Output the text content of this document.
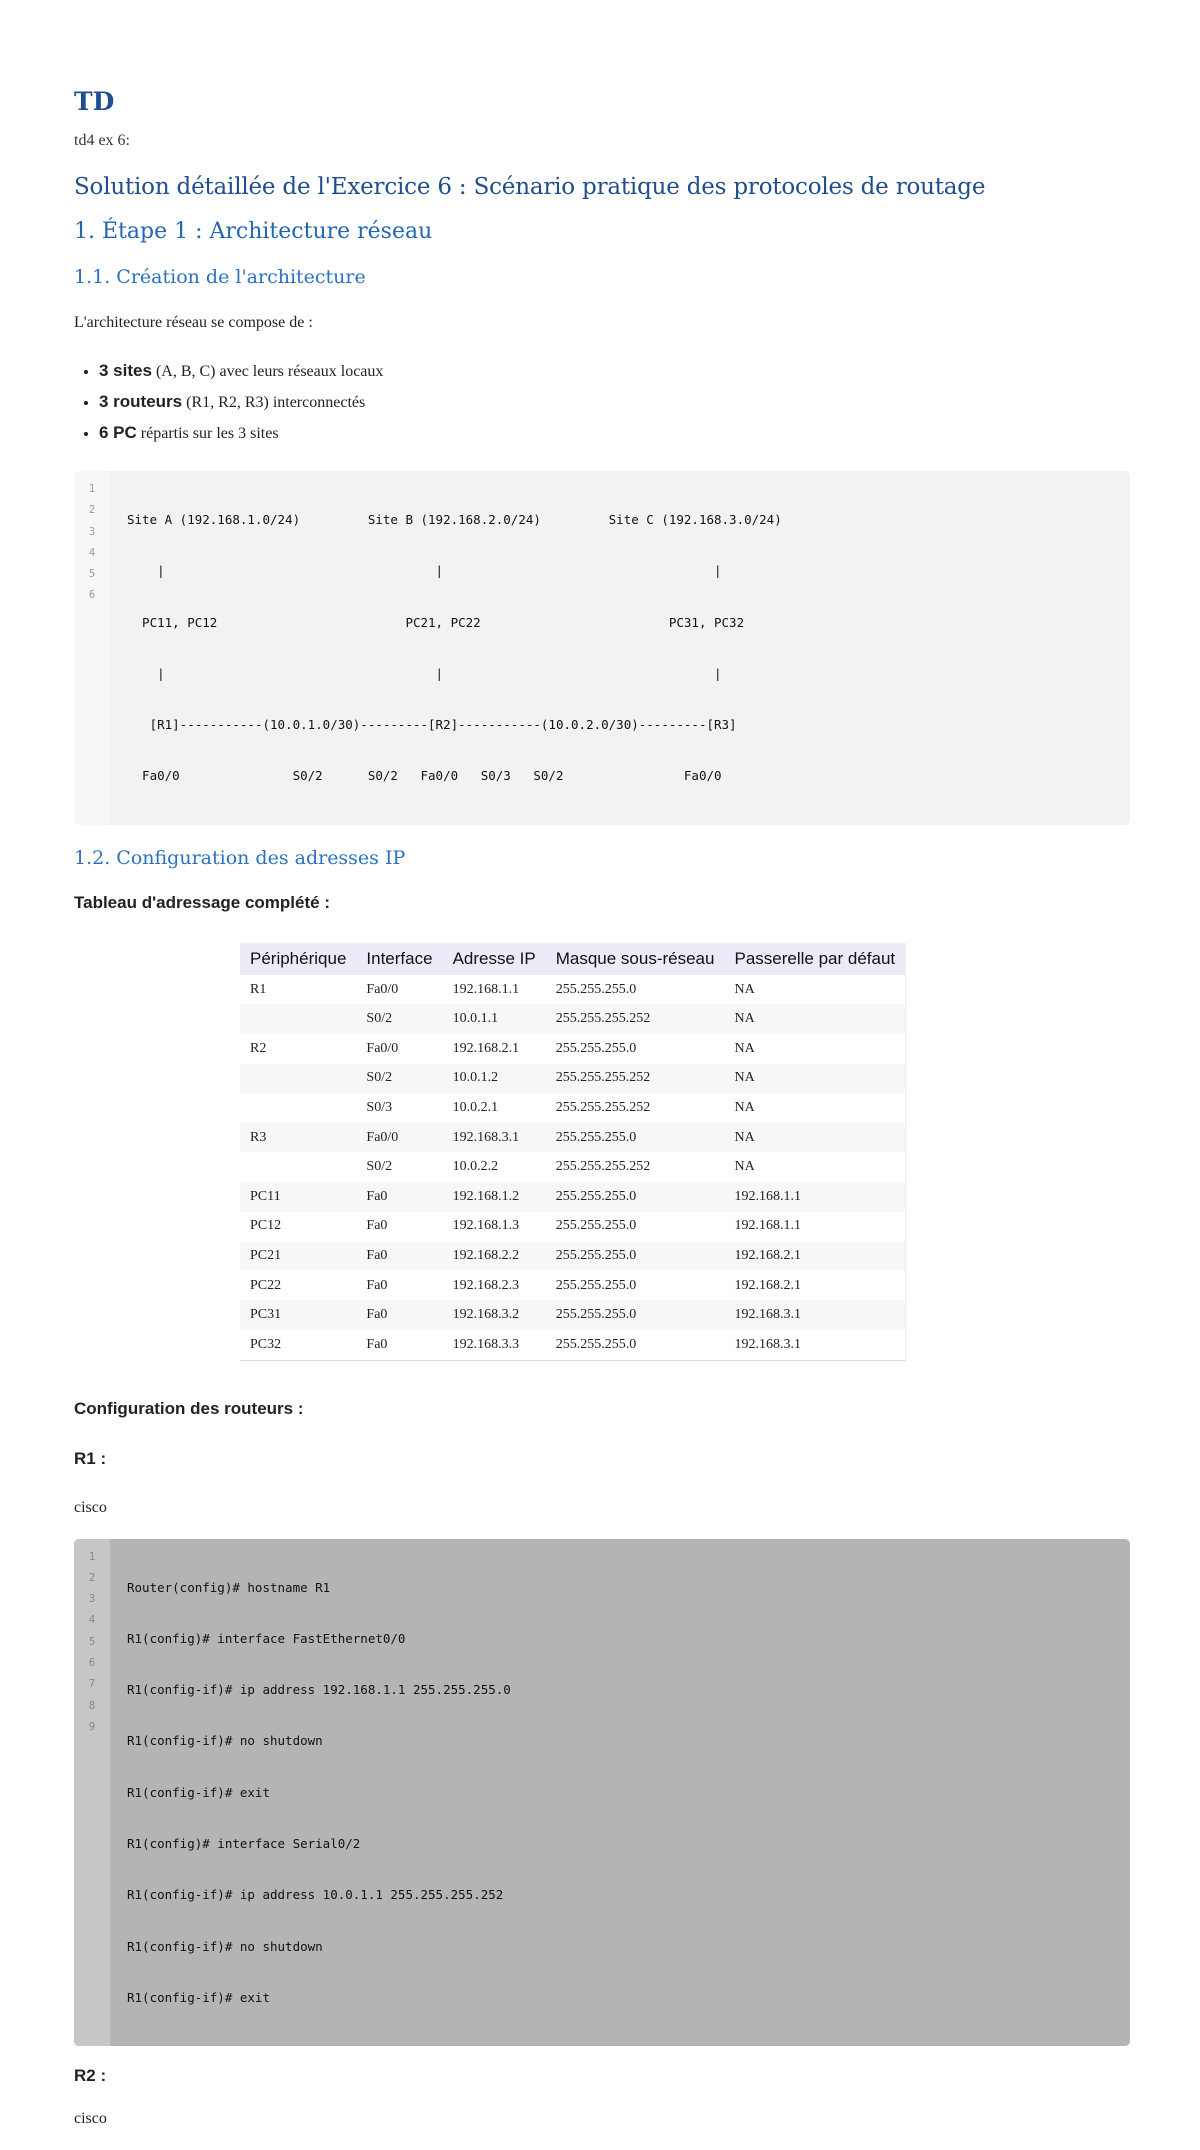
TD

td4 ex 6:

Solution détaillée de l'Exercice 6 : Scénario pratique des protocoles de routage
1. Étape 1 : Architecture réseau
1.1. Création de l'architecture

L'architecture réseau se compose de :

• 3 sites (A, B, C) avec leurs réseaux locaux
• 3 routeurs (R1, R2, R3) interconnectés
• 6 PC répartis sur les 3 sites
1
2
3
4
5
6

Site A (192.168.1.0/24)         Site B (192.168.2.0/24)         Site C (192.168.3.0/24)

|                                    |                                    |

PC11, PC12                         PC21, PC22                         PC31, PC32

|                                    |                                    |

[R1]-----------(10.0.1.0/30)---------[R2]-----------(10.0.2.0/30)---------[R3]

Fa0/0               S0/2      S0/2   Fa0/0   S0/3   S0/2                Fa0/0

1.2. Configuration des adresses IP
Tableau d'adressage complété :
Périphérique	Interface	Adresse IP	Masque sous-réseau	Passerelle par défaut
R1	Fa0/0	192.168.1.1	255.255.255.0	NA
	S0/2	10.0.1.1	255.255.255.252	NA
R2	Fa0/0	192.168.2.1	255.255.255.0	NA
	S0/2	10.0.1.2	255.255.255.252	NA
	S0/3	10.0.2.1	255.255.255.252	NA
R3	Fa0/0	192.168.3.1	255.255.255.0	NA
	S0/2	10.0.2.2	255.255.255.252	NA
PC11	Fa0	192.168.1.2	255.255.255.0	192.168.1.1
PC12	Fa0	192.168.1.3	255.255.255.0	192.168.1.1
PC21	Fa0	192.168.2.2	255.255.255.0	192.168.2.1
PC22	Fa0	192.168.2.3	255.255.255.0	192.168.2.1
PC31	Fa0	192.168.3.2	255.255.255.0	192.168.3.1
PC32	Fa0	192.168.3.3	255.255.255.0	192.168.3.1
Configuration des routeurs :
R1 :

cisco

1
2
3
4
5
6
7
8
9

Router(config)# hostname R1

R1(config)# interface FastEthernet0/0

R1(config-if)# ip address 192.168.1.1 255.255.255.0

R1(config-if)# no shutdown

R1(config-if)# exit

R1(config)# interface Serial0/2

R1(config-if)# ip address 10.0.1.1 255.255.255.252

R1(config-if)# no shutdown

R1(config-if)# exit

R2 :

cisco
